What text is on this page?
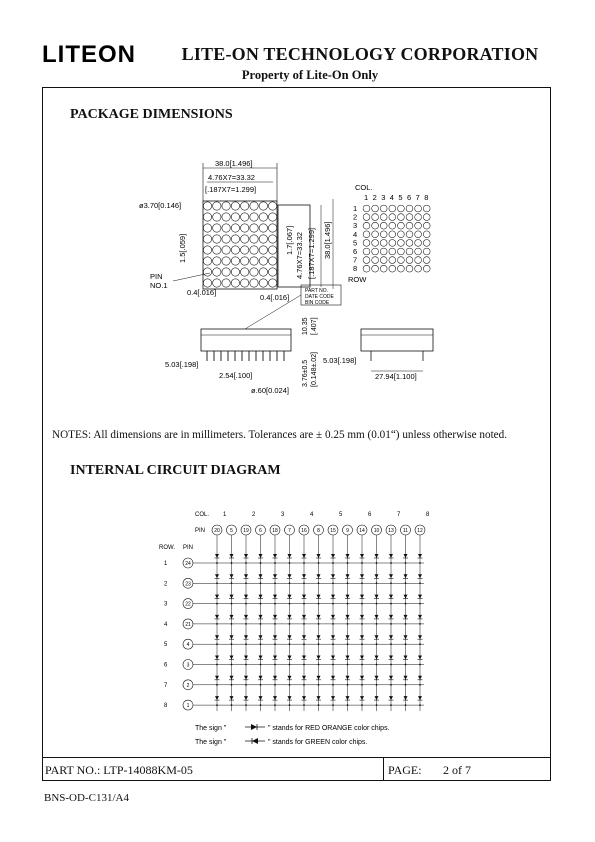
LITEON	LITE-ON TECHNOLOGY CORPORATION
Property of Lite-On Only
PACKAGE DIMENSIONS
38.0[1.496]
4.76X7=33.32
[.187X7=1.299]
ø3.70[0.146]
1.5[.059]
PIN
NO.1
0.4[.016]
1.7[.067] 4.76X7=33.32 [.187X7=1.299] 38.0[1.496]
0.4[.016]
COL.
ROW
1 2 3 4 5 6 7 8
1
2
3
4
5
6
7
8
PART NO.
DATE CODE
BIN CODE
5.03[.198]
2.54[.100]
ø.60[0.024]
3.76±0.5 [0.148±.02]
10.35 [.407]
5.03[.198]
27.94[1.100]
NOTES: All dimensions are in millimeters. Tolerances are ± 0.25 mm (0.01“) unless otherwise noted.
INTERNAL CIRCUIT DIAGRAM
COL.
PIN
ROW. PIN
1	2	3	4	5	6	7	8
20 5 19 6 18 7 16 8 15 9 14 10 13 11 12
1	24
2	23
3	22
4	21
5	4
6	3
7	2
8	1
The sign "	" stands for RED ORANGE color chips.
The sign "	" stands for GREEN color chips.
PART NO.: LTP-14088KM-05	PAGE: 2 of 7
BNS-OD-C131/A4
